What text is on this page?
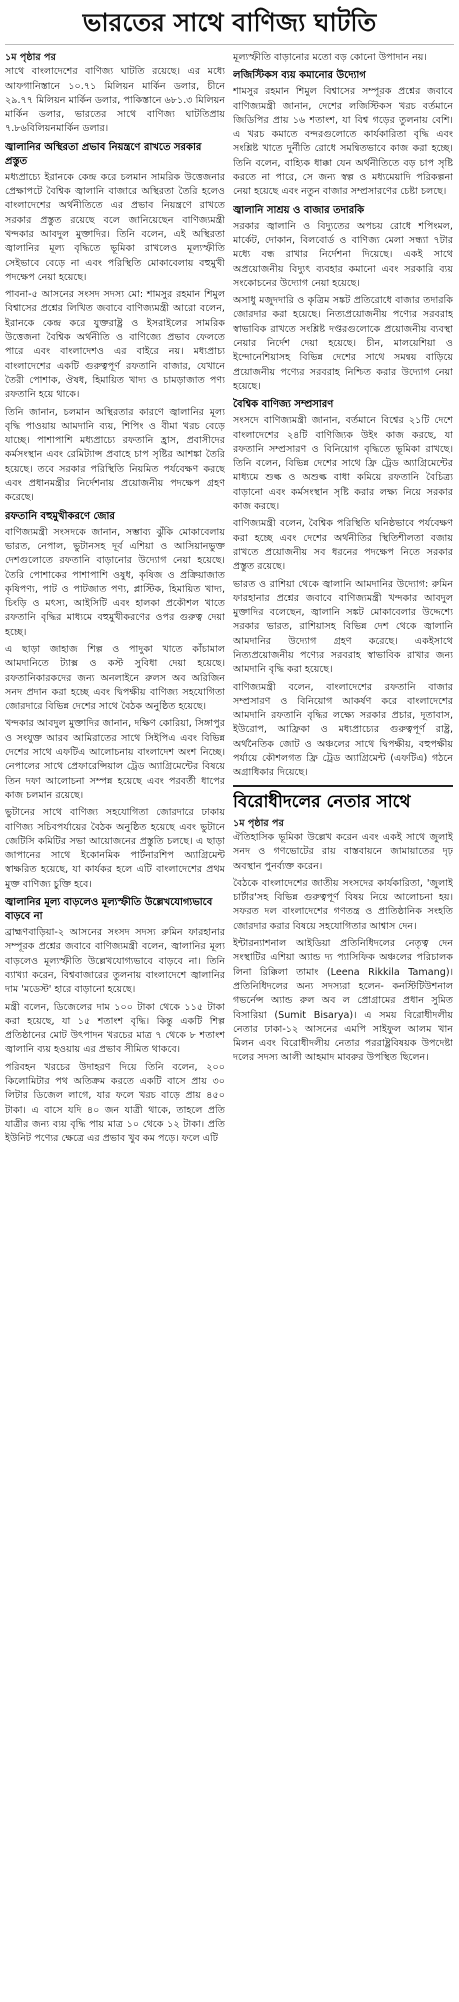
ভারতের সাথে বাণিজ্য ঘাটতি
১ম পৃষ্ঠার পর

সাথে বাংলাদেশের বাণিজ্য ঘাটতি রয়েছে। এর মধ্যে আফগানিস্তানে ১০.৭১ মিলিয়ন মার্কিন ডলার, চীনে ২৯.৭৭ মিলিয়ন মার্কিন ডলার, পাকিস্তানে ৬৮১.৩ মিলিয়ন মার্কিন ডলার, ভারতের সাথে বাণিজ্য ঘাটতিপ্রায় ৭.৮৬বিলিয়নমার্কিন ডলার।

জ্বালানির অস্থিরতা প্রভাব নিয়ন্ত্রণে রাখতে সরকার প্রস্তুত

মধ্যপ্রাচ্যে ইরানকে কেন্দ্র করে চলমান সামরিক উত্তেজনার প্রেক্ষাপটে বৈশ্বিক জ্বালানি বাজারে অস্থিরতা তৈরি হলেও বাংলাদেশের অর্থনীতিতে এর প্রভাব নিয়ন্ত্রণে রাখতে সরকার প্রস্তুত রয়েছে বলে জানিয়েছেন বাণিজ্যমন্ত্রী খন্দকার আবদুল মুক্তাদির। তিনি বলেন, এই অস্থিরতা জ্বালানির মূল্য বৃদ্ধিতে ভূমিকা রাখলেও মূল্যস্ফীতি সেইভাবে বেড়ে না এবং পরিস্থিতি মোকাবেলায় বহুমুখী পদক্ষেপ নেয়া হয়েছে।

পাবনা-৫ আসনের সংসদ সদস্য মো: শামসুর রহমান শিমুল বিশ্বাসের প্রশ্নের লিখিত জবাবে বাণিজ্যমন্ত্রী আরো বলেন, ইরানকে কেন্দ্র করে যুক্তরাষ্ট্র ও ইসরাইলের সামরিক উত্তেজনা বৈশ্বিক অর্থনীতি ও বাণিজ্যে প্রভাব ফেলতে পারে এবং বাংলাদেশও এর বাইরে নয়। মধ্যপ্রাচ্য বাংলাদেশের একটি গুরুত্বপূর্ণ রফতানি বাজার, যেখানে তৈরী পোশাক, ঔষধ, হিমায়িত খাদ্য ও চামড়াজাত পণ্য রফতানি হয়ে থাকে।

তিনি জানান, চলমান অস্থিরতার কারণে জ্বালানির মূল্য বৃদ্ধি পাওয়ায় আমদানি ব্যয়, শিপিং ও বীমা খরচ বেড়ে যাচ্ছে। পাশাপাশি মধ্যপ্রাচ্যে রফতানি হ্রাস, প্রবাসীদের কর্মসংস্থান এবং রেমিট্যান্স প্রবাহে চাপ সৃষ্টির আশঙ্কা তৈরি হয়েছে। তবে সরকার পরিস্থিতি নিয়মিত পর্যবেক্ষণ করছে এবং প্রধানমন্ত্রীর নির্দেশনায় প্রয়োজনীয় পদক্ষেপ গ্রহণ করেছে।

রফতানি বহুমুখীকরণে জোর

বাণিজ্যমন্ত্রী সংসদকে জানান, সম্ভাব্য ঝুঁকি মোকাবেলায় ভারত, নেপাল, ভুটানসহ দূর্ব এশিয়া ও আসিয়ানভুক্ত দেশগুলোতে রফতানি বাড়ানোর উদ্যোগ নেয়া হয়েছে। তৈরি পোশাকের পাশাপাশি ওষুধ, কৃষিজ ও প্রক্রিয়াজাত কৃষিপণ্য, পাট ও পাটজাত পণ্য, প্লাস্টিক, হিমায়িত খাদ্য, চিংড়ি ও মৎস্য, আইসিটি এবং হালকা প্রকৌশল খাতে রফতানি বৃদ্ধির মাধ্যমে বহুমুখীকরণের ওপর গুরুত্ব দেয়া হচ্ছে।

এ ছাড়া জাহাজ শিল্প ও পাদুকা খাতে কাঁচামাল আমদানিতে ট্যাক্স ও কস্ট সুবিধা দেয়া হয়েছে। রফতানিকারকদের জন্য অনলাইনে রুলস অব অরিজিন সনদ প্রদান করা হচ্ছে এবং দ্বিপক্ষীয় বাণিজ্য সহযোগিতা জোরদারে বিভিন্ন দেশের সাথে বৈঠক অনুষ্ঠিত হয়েছে।

খন্দকার আবদুল মুক্তাদির জানান, দক্ষিণ কোরিয়া, সিঙ্গাপুর ও সংযুক্ত আরব আমিরাতের সাথে সিইপিএ এবং বিভিন্ন দেশের সাথে এফটিএ আলোচনায় বাংলাদেশ অংশ নিচ্ছে। নেপালের সাথে প্রেফারেন্সিয়াল ট্রেড অ্যাগ্রিমেন্টের বিষয়ে তিন দফা আলোচনা সম্পন্ন হয়েছে এবং পরবর্তী ধাপের কাজ চলমান রয়েছে।

ভুটানের সাথে বাণিজ্য সহযোগিতা জোরদারে ঢাকায় বাণিজ্য সচিবপর্যায়ের বৈঠক অনুষ্ঠিত হয়েছে এবং ভুটানে জেটিসি কমিটির সভা আয়োজনের প্রস্তুতি চলছে। এ ছাড়া জাপানের সাথে ইকোনমিক পার্টনারশিপ অ্যাগ্রিমেন্ট স্বাক্ষরিত হয়েছে, যা কার্যকর হলে এটি বাংলাদেশের প্রথম মুক্ত বাণিজ্য চুক্তি হবে।

জ্বালানির মূল্য বাড়লেও মূল্যস্ফীতি উল্লেখযোগ্যভাবে বাড়বে না

ব্রাহ্মণবাড়িয়া-২ আসনের সংসদ সদস্য রুমিন ফারহানার সম্পূরক প্রশ্নের জবাবে বাণিজ্যমন্ত্রী বলেন, জ্বালানির মূল্য বাড়লেও মূল্যস্ফীতি উল্লেখযোগ্যভাবে বাড়বে না। তিনি ব্যাখ্যা করেন, বিশ্ববাজারের তুলনায় বাংলাদেশে জ্বালানির দাম 'মডেস্ট' হারে বাড়ানো হয়েছে।

মন্ত্রী বলেন, ডিজেলের দাম ১০০ টাকা থেকে ১১৫ টাকা করা হয়েছে, যা ১৫ শতাংশ বৃদ্ধি। কিন্তু একটি শিল্প প্রতিষ্ঠানের মোট উৎপাদন খরচের মাত্র ৭ থেকে ৮ শতাংশ জ্বালানি ব্যয় হওয়ায় এর প্রভাব সীমিত থাকবে।

পরিবহন খরচের উদাহরণ দিয়ে তিনি বলেন, ২০০ কিলোমিটার পথ অতিক্রম করতে একটি বাসে প্রায় ৩০ লিটার ডিজেল লাগে, যার ফলে খরচ বাড়ে প্রায় ৪৫০ টাকা। এ বাসে যদি ৪০ জন যাত্রী থাকে, তাহলে প্রতি যাত্রীর জন্য ব্যয় বৃদ্ধি পায় মাত্র ১০ থেকে ১২ টাকা। প্রতি ইউনিট পণ্যের ক্ষেত্রে এর প্রভাব খুব কম পড়ে। ফলে এটি

মূল্যস্ফীতি বাড়ানোর মতো বড় কোনো উপাদান নয়।

লজিস্টিকস ব্যয় কমানোর উদ্যোগ

শামসুর রহমান শিমুল বিশ্বাসের সম্পূরক প্রশ্নের জবাবে বাণিজ্যমন্ত্রী জানান, দেশের লজিস্টিকস খরচ বর্তমানে জিডিপির প্রায় ১৬ শতাংশ, যা বিশ্ব গড়ের তুলনায় বেশি। এ খরচ কমাতে বন্দরগুলোতে কার্যকারিতা বৃদ্ধি এবং সংশ্লিষ্ট খাতে দুর্নীতি রোধে সমন্বিতভাবে কাজ করা হচ্ছে। তিনি বলেন, বাহ্যিক ধাক্কা যেন অর্থনীতিতে বড় চাপ সৃষ্টি করতে না পারে, সে জন্য স্বল্প ও মধ্যমেয়াদি পরিকল্পনা নেয়া হয়েছে এবং নতুন বাজার সম্প্রসারণের চেষ্টা চলছে।

জ্বালানি সাশ্রয় ও বাজার তদারকি

সরকার জ্বালানি ও বিদ্যুতের অপচয় রোধে শপিংমল, মার্কেট, দোকান, বিলবোর্ড ও বাণিজ্য মেলা সন্ধ্যা ৭টার মধ্যে বন্ধ রাখার নির্দেশনা দিয়েছে। একই সাথে অপ্রয়োজনীয় বিদ্যুৎ ব্যবহার কমানো এবং সরকারি ব্যয় সংকোচনের উদ্যোগ নেয়া হয়েছে।

অসাধু মজুদদারি ও কৃত্রিম সঙ্কট প্রতিরোধে বাজার তদারকি জোরদার করা হয়েছে। নিত্যপ্রয়োজনীয় পণ্যের সরবরাহ স্বাভাবিক রাখতে সংশ্লিষ্ট দপ্তরগুলোকে প্রয়োজনীয় ব্যবস্থা নেয়ার নির্দেশ দেয়া হয়েছে। চীন, মালয়েশিয়া ও ইন্দোনেশিয়াসহ বিভিন্ন দেশের সাথে সমন্বয় বাড়িয়ে প্রয়োজনীয় পণ্যের সরবরাহ নিশ্চিত করার উদ্যোগ নেয়া হয়েছে।

বৈশ্বিক বাণিজ্য সম্প্রসারণ

সংসদে বাণিজ্যমন্ত্রী জানান, বর্তমানে বিশ্বের ২১টি দেশে বাংলাদেশের ২৪টি বাণিজ্যিক উইং কাজ করছে, যা রফতানি সম্প্রসারণ ও বিনিয়োগ বৃদ্ধিতে ভূমিকা রাখছে। তিনি বলেন, বিভিন্ন দেশের সাথে ফ্রি ট্রেড অ্যাগ্রিমেন্টের মাধ্যমে শুল্ক ও অশুল্ক বাধা কমিয়ে রফতানি বৈচিত্র্য বাড়ানো এবং কর্মসংস্থান সৃষ্টি করার লক্ষ্য নিয়ে সরকার কাজ করছে।

বাণিজ্যমন্ত্রী বলেন, বৈশ্বিক পরিস্থিতি ঘনিষ্ঠভাবে পর্যবেক্ষণ করা হচ্ছে এবং দেশের অর্থনীতির স্থিতিশীলতা বজায় রাখতে প্রয়োজনীয় সব ধরনের পদক্ষেপ নিতে সরকার প্রস্তুত রয়েছে।

ভারত ও রাশিয়া থেকে জ্বালানি আমদানির উদ্যোগ: রুমিন ফারহানার প্রশ্নের জবাবে বাণিজ্যমন্ত্রী খন্দকার আবদুল মুক্তাদির বলেছেন, জ্বালানি সঙ্কট মোকাবেলার উদ্দেশ্যে সরকার ভারত, রাশিয়াসহ বিভিন্ন দেশ থেকে জ্বালানি আমদানির উদ্যোগ গ্রহণ করেছে। একইসাথে নিত্যপ্রয়োজনীয় পণ্যের সরবরাহ স্বাভাবিক রাখার জন্য আমদানি বৃদ্ধি করা হয়েছে।

বাণিজ্যমন্ত্রী বলেন, বাংলাদেশের রফতানি বাজার সম্প্রসারণ ও বিনিয়োগ আকর্ষণ করে বাংলাদেশের আমদানি রফতানি বৃদ্ধির লক্ষ্যে সরকার প্রচার, দূতাবাস, ইউরোপ, আফ্রিকা ও মধ্যপ্রাচ্যের গুরুত্বপূর্ণ রাষ্ট্র, অর্থনৈতিক জোট ও অঞ্চলের সাথে দ্বিপক্ষীয়, বহুপক্ষীয় পর্যায়ে কৌশলগত ফ্রি ট্রেড অ্যাগ্রিমেন্ট (এফটিএ) গঠনে অগ্রাধিকার দিয়েছে।

বিরোধীদলের নেতার সাথে
১ম পৃষ্ঠার পর

ঐতিহাসিক ভূমিকা উল্লেখ করেন এবং একই সাথে জুলাই সনদ ও গণভোটের রায় বাস্তবায়নে জামায়াতের দৃঢ় অবস্থান পুনর্ব্যক্ত করেন।

বৈঠকে বাংলাদেশের জাতীয় সংসদের কার্যকারিতা, 'জুলাই চার্টার'সহ বিভিন্ন গুরুত্বপূর্ণ বিষয় নিয়ে আলোচনা হয়। সফরত দল বাংলাদেশের গণতন্ত্র ও প্রাতিষ্ঠানিক সংহতি জোরদার করার বিষয়ে সহযোগিতার আশ্বাস দেন।

ইন্টারন্যাশনাল আইডিয়া প্রতিনিধিদলের নেতৃত্ব দেন সংস্থাটির এশিয়া অ্যান্ড দ্য প্যাসিফিক অঞ্চলের পরিচালক লিনা রিক্কিলা তামাং (Leena Rikkila Tamang)। প্রতিনিধিদলের অন্য সদস্যরা হলেন- কনস্টিটিউশনাল গভর্নেন্স অ্যান্ড রুল অব ল প্রোগ্রামের প্রধান সুমিত বিসারিয়া (Sumit Bisarya)। এ সময় বিরোধীদলীয় নেতার ঢাকা-১২ আসনের এমপি সাইফুল আলম খান মিলন এবং বিরোধীদলীয় নেতার পররাষ্ট্রবিষয়ক উপদেষ্টা দলের সদস্য আলী আহমাদ মাবরুর উপস্থিত ছিলেন।
